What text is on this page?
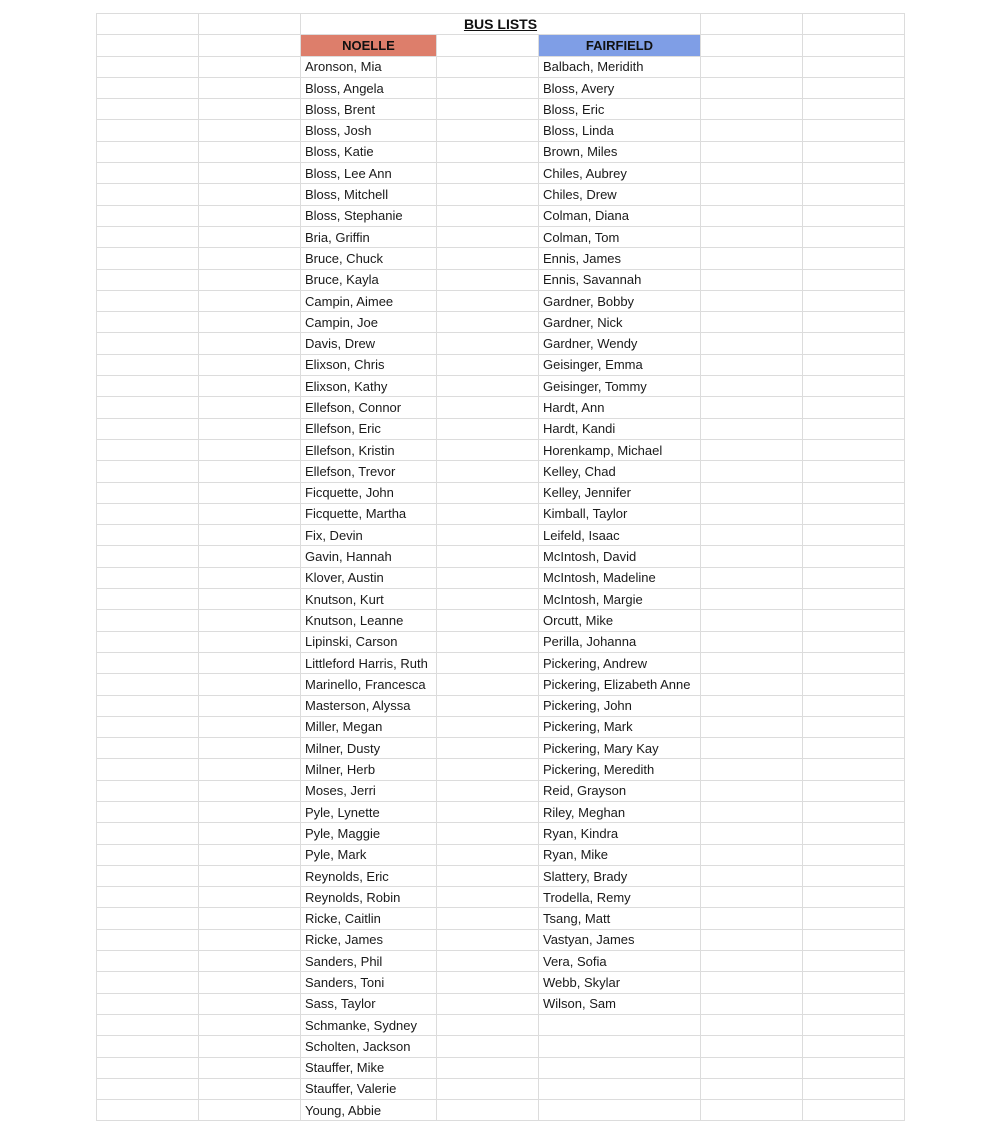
		BUS LISTS				
		NOELLE		FAIRFIELD		
		Aronson, Mia		Balbach, Meridith		
		Bloss, Angela		Bloss, Avery		
		Bloss, Brent		Bloss, Eric		
		Bloss, Josh		Bloss, Linda		
		Bloss, Katie		Brown, Miles		
		Bloss, Lee Ann		Chiles, Aubrey		
		Bloss, Mitchell		Chiles, Drew		
		Bloss, Stephanie		Colman, Diana		
		Bria, Griffin		Colman, Tom		
		Bruce, Chuck		Ennis, James		
		Bruce, Kayla		Ennis, Savannah		
		Campin, Aimee		Gardner, Bobby		
		Campin, Joe		Gardner, Nick		
		Davis, Drew		Gardner, Wendy		
		Elixson, Chris		Geisinger, Emma		
		Elixson, Kathy		Geisinger, Tommy		
		Ellefson, Connor		Hardt, Ann		
		Ellefson, Eric		Hardt, Kandi		
		Ellefson, Kristin		Horenkamp, Michael		
		Ellefson, Trevor		Kelley, Chad		
		Ficquette, John		Kelley, Jennifer		
		Ficquette, Martha		Kimball, Taylor		
		Fix, Devin		Leifeld, Isaac		
		Gavin, Hannah		McIntosh, David		
		Klover, Austin		McIntosh, Madeline		
		Knutson, Kurt		McIntosh, Margie		
		Knutson, Leanne		Orcutt, Mike		
		Lipinski, Carson		Perilla, Johanna		
		Littleford Harris, Ruth		Pickering, Andrew		
		Marinello, Francesca		Pickering, Elizabeth Anne		
		Masterson, Alyssa		Pickering, John		
		Miller, Megan		Pickering, Mark		
		Milner, Dusty		Pickering, Mary Kay		
		Milner, Herb		Pickering, Meredith		
		Moses, Jerri		Reid, Grayson		
		Pyle, Lynette		Riley, Meghan		
		Pyle, Maggie		Ryan, Kindra		
		Pyle, Mark		Ryan, Mike		
		Reynolds, Eric		Slattery, Brady		
		Reynolds, Robin		Trodella, Remy		
		Ricke, Caitlin		Tsang, Matt		
		Ricke, James		Vastyan, James		
		Sanders, Phil		Vera, Sofia		
		Sanders, Toni		Webb, Skylar		
		Sass, Taylor		Wilson, Sam		
		Schmanke, Sydney				
		Scholten, Jackson				
		Stauffer, Mike				
		Stauffer, Valerie				
		Young, Abbie				
